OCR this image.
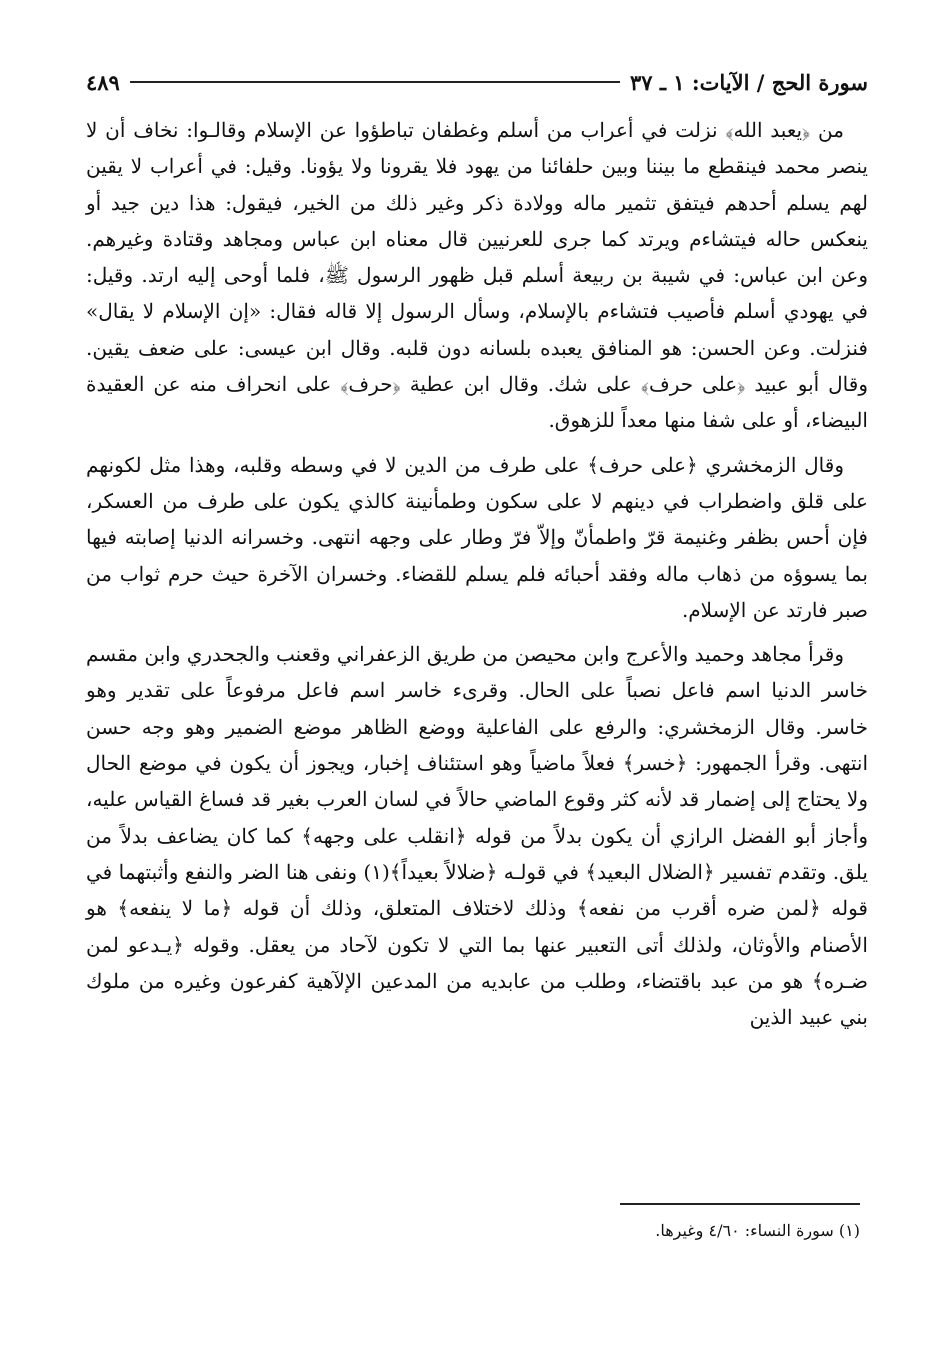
سورة الحج / الآيات: ١ ـ ٣٧
٤٨٩

من ﴿يعبد الله﴾ نزلت في أعراب من أسلم وغطفان تباطؤوا عن الإسلام وقالـوا: نخاف أن لا ينصر محمد فينقطع ما بيننا وبين حلفائنا من يهود فلا يقرونا ولا يؤونا. وقيل: في أعراب لا يقين لهم يسلم أحدهم فيتفق تثمير ماله وولادة ذكر وغير ذلك من الخير، فيقول: هذا دين جيد أو ينعكس حاله فيتشاءم ويرتد كما جرى للعرنيين قال معناه ابن عباس ومجاهد وقتادة وغيرهم. وعن ابن عباس: في شيبة بن ربيعة أسلم قبل ظهور الرسول ﷺ، فلما أوحى إليه ارتد. وقيل: في يهودي أسلم فأصيب فتشاءم بالإسلام، وسأل الرسول إلا قاله فقال: «إن الإسلام لا يقال» فنزلت. وعن الحسن: هو المنافق يعبده بلسانه دون قلبه. وقال ابن عيسى: على ضعف يقين. وقال أبو عبيد ﴿على حرف﴾ على شك. وقال ابن عطية ﴿حرف﴾ على انحراف منه عن العقيدة البيضاء، أو على شفا منها معداً للزهوق.

وقال الزمخشري ﴿على حرف﴾ على طرف من الدين لا في وسطه وقلبه، وهذا مثل لكونهم على قلق واضطراب في دينهم لا على سكون وطمأنينة كالذي يكون على طرف من العسكر، فإن أحس بظفر وغنيمة قرّ واطمأنّ وإلاّ فرّ وطار على وجهه انتهى. وخسرانه الدنيا إصابته فيها بما يسوؤه من ذهاب ماله وفقد أحبائه فلم يسلم للقضاء. وخسران الآخرة حيث حرم ثواب من صبر فارتد عن الإسلام.

وقرأ مجاهد وحميد والأعرج وابن محيصن من طريق الزعفراني وقعنب والجحدري وابن مقسم خاسر الدنيا اسم فاعل نصباً على الحال. وقرىء خاسر اسم فاعل مرفوعاً على تقدير وهو خاسر. وقال الزمخشري: والرفع على الفاعلية ووضع الظاهر موضع الضمير وهو وجه حسن انتهى. وقرأ الجمهور: ﴿خسر﴾ فعلاً ماضياً وهو استئناف إخبار، ويجوز أن يكون في موضع الحال ولا يحتاج إلى إضمار قد لأنه كثر وقوع الماضي حالاً في لسان العرب بغير قد فساغ القياس عليه، وأجاز أبو الفضل الرازي أن يكون بدلاً من قوله ﴿انقلب على وجهه﴾ كما كان يضاعف بدلاً من يلق. وتقدم تفسير ﴿الضلال البعيد﴾ في قولـه ﴿ضلالاً بعيداً﴾(١) ونفى هنا الضر والنفع وأثبتهما في قوله ﴿لمن ضره أقرب من نفعه﴾ وذلك لاختلاف المتعلق، وذلك أن قوله ﴿ما لا ينفعه﴾ هو الأصنام والأوثان، ولذلك أتى التعبير عنها بما التي لا تكون لآحاد من يعقل. وقوله ﴿يـدعو لمن ضـره﴾ هو من عبد باقتضاء، وطلب من عابديه من المدعين الإلآهية كفرعون وغيره من ملوك بني عبيد الذين

(١) سورة النساء: ٤/٦٠ وغيرها.
